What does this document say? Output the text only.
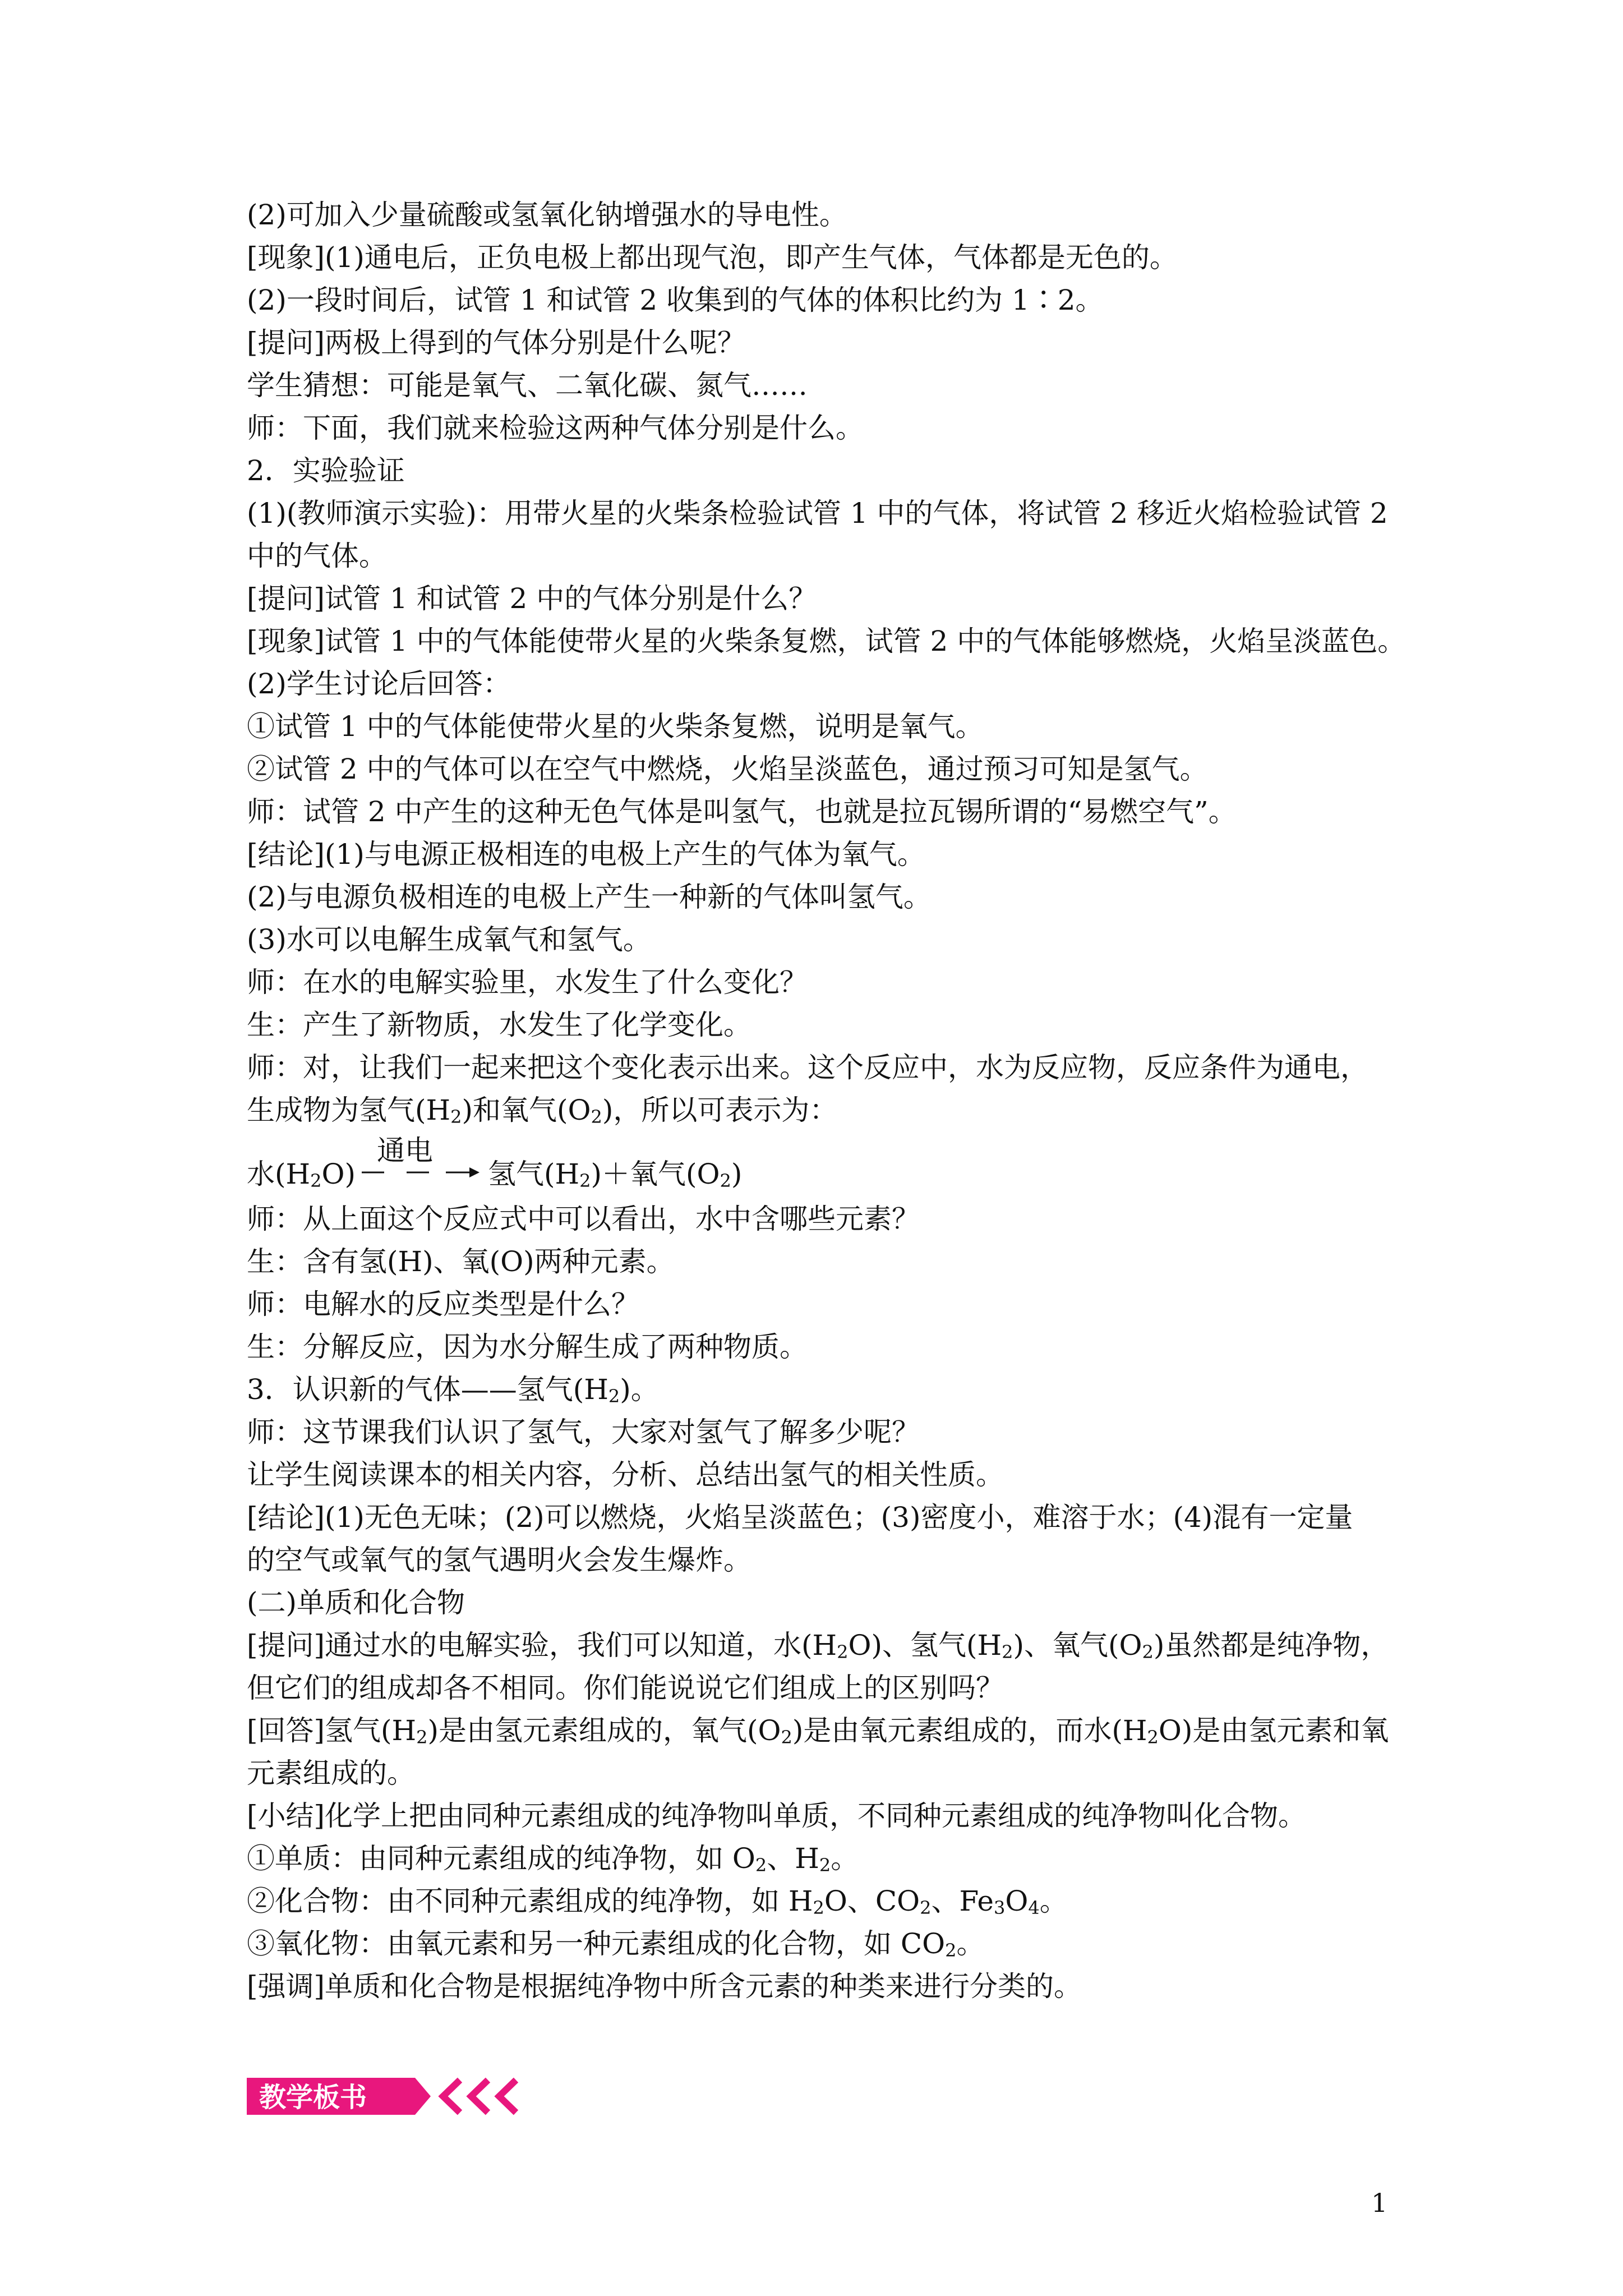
(2)可加入少量硫酸或氢氧化钠增强水的导电性。

[现象](1)通电后，正负电极上都出现气泡，即产生气体，气体都是无色的。

(2)一段时间后，试管 1 和试管 2 收集到的气体的体积比约为 1∶2。

[提问]两极上得到的气体分别是什么呢？

学生猜想：可能是氧气、二氧化碳、氮气……

师：下面，我们就来检验这两种气体分别是什么。

2．实验验证

(1)(教师演示实验)：用带火星的火柴条检验试管 1 中的气体，将试管 2 移近火焰检验试管 2

中的气体。

[提问]试管 1 和试管 2 中的气体分别是什么？

[现象]试管 1 中的气体能使带火星的火柴条复燃，试管 2 中的气体能够燃烧，火焰呈淡蓝色。

(2)学生讨论后回答：

①试管 1 中的气体能使带火星的火柴条复燃，说明是氧气。

②试管 2 中的气体可以在空气中燃烧，火焰呈淡蓝色，通过预习可知是氢气。

师：试管 2 中产生的这种无色气体是叫氢气，也就是拉瓦锡所谓的“易燃空气”。

[结论](1)与电源正极相连的电极上产生的气体为氧气。

(2)与电源负极相连的电极上产生一种新的气体叫氢气。

(3)水可以电解生成氧气和氢气。

师：在水的电解实验里，水发生了什么变化？

生：产生了新物质，水发生了化学变化。

师：对，让我们一起来把这个变化表示出来。这个反应中，水为反应物，反应条件为通电，

生成物为氢气$(H_2)$和氧气$(O_2)$，所以可表示为：

水$(H_2O)$
通电
氢气$(H_2)+$氧气$(O_2)$

师：从上面这个反应式中可以看出，水中含哪些元素？

生：含有氢(H)、氧(O)两种元素。

师：电解水的反应类型是什么？

生：分解反应，因为水分解生成了两种物质。

3．认识新的气体——氢气$(H_2)$。

师：这节课我们认识了氢气，大家对氢气了解多少呢？

让学生阅读课本的相关内容，分析、总结出氢气的相关性质。

[结论](1)无色无味；(2)可以燃烧，火焰呈淡蓝色；(3)密度小，难溶于水；(4)混有一定量

的空气或氧气的氢气遇明火会发生爆炸。

(二)单质和化合物

[提问]通过水的电解实验，我们可以知道，水$(H_2O)$、氢气$(H_2)$、氧气$(O_2)$虽然都是纯净物，

但它们的组成却各不相同。你们能说说它们组成上的区别吗？

[回答]氢气$(H_2)$是由氢元素组成的，氧气$(O_2)$是由氧元素组成的，而水$(H_2O)$是由氢元素和氧

元素组成的。

[小结]化学上把由同种元素组成的纯净物叫单质，不同种元素组成的纯净物叫化合物。

①单质：由同种元素组成的纯净物，如 $O_2$、$H_2$。

②化合物：由不同种元素组成的纯净物，如 $H_2O$、$CO_2$、$Fe_3O_4$。

③氧化物：由氧元素和另一种元素组成的化合物，如 $CO_2$。

[强调]单质和化合物是根据纯净物中所含元素的种类来进行分类的。

教学板书
1
